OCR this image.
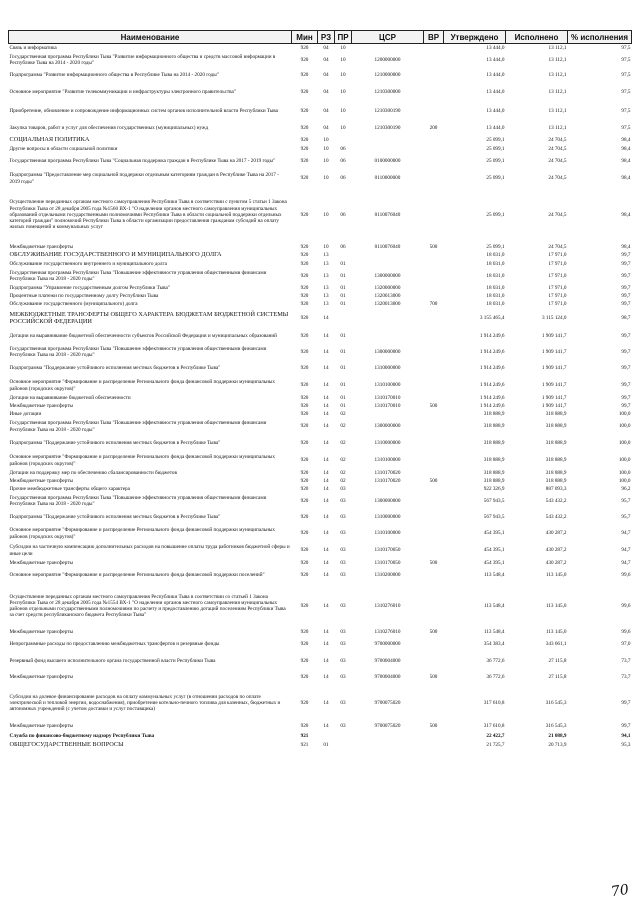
Наименование	Мин	РЗ	ПР	ЦСР	ВР	Утверждено	Исполнено	% исполнения
Связь и информатика	920	04	10			13 444,0	13 112,1	97,5
Государственная программа Республики Тыва "Развитие информационного общества и средств массовой информации в Республике Тыва на 2014 - 2020 годы"	920	04	10	1200000000		13 444,0	13 112,1	97,5
Подпрограмма "Развитие информационного общества в Республике Тыва на 2014 - 2020 годы"	920	04	10	1210000000		13 444,0	13 112,1	97,5
Основное мероприятие "Развитие телекоммуникации и инфраструктуры электронного правительства"	920	04	10	1210300000		13 444,0	13 112,1	97,5
Приобретение, обновление и сопровождение информационных систем органов исполнительной власти Республики Тыва	920	04	10	1210300190		13 444,0	13 112,1	97,5
Закупка товаров, работ и услуг для обеспечения государственных (муниципальных) нужд	920	04	10	1210300190	200	13 444,0	13 112,1	97,5
СОЦИАЛЬНАЯ ПОЛИТИКА	920	10				25 099,1	24 704,5	98,4
Другие вопросы в области социальной политики	920	10	06			25 099,1	24 704,5	98,4
Государственная программа Республики Тыва "Социальная поддержка граждан в Республике Тыва на 2017 - 2019 годы"	920	10	06	0100000000		25 099,1	24 704,5	98,4
Подпрограмма "Предоставление мер социальной поддержки отдельным категориям граждан в Республике Тыва на 2017 - 2019 годы"	920	10	06	0110000000		25 099,1	24 704,5	98,4
Осуществление переданных органам местного самоуправления Республики Тыва в соответствии с пунктом 5 статьи 1 Закона Республики Тыва от 28 декабря 2005 года №1560 ВХ-1 "О наделении органов местного самоуправления муниципальных образований отдельными государственными полномочиями Республики Тыва в области социальной поддержки отдельных категорий граждан" полномочий Республики Тыва в области организации предоставления гражданам субсидий на оплату жилых помещений и коммунальных услуг	920	10	06	0110076040		25 099,1	24 704,5	98,4
Межбюджетные трансферты	920	10	06	0110076040	500	25 099,1	24 704,5	98,4
ОБСЛУЖИВАНИЕ ГОСУДАРСТВЕННОГО И МУНИЦИПАЛЬНОГО ДОЛГА	920	13				18 031,0	17 971,0	99,7
Обслуживание государственного внутреннего и муниципального долга	920	13	01			18 031,0	17 971,0	99,7
Государственная программа Республики Тыва "Повышение эффективности управления общественными финансами Республики Тыва на 2018 - 2020 годы"	920	13	01	1300000000		18 031,0	17 971,0	99,7
Подпрограмма "Управление государственным долгом Республики Тыва"	920	13	01	1320000000		18 031,0	17 971,0	99,7
Процентные платежи по государственному долгу Республики Тыва	920	13	01	1320013000		18 031,0	17 971,0	99,7
Обслуживание государственного (муниципального) долга	920	13	01	1320013000	700	18 031,0	17 971,0	99,7
МЕЖБЮДЖЕТНЫЕ ТРАНСФЕРТЫ ОБЩЕГО ХАРАКТЕРА БЮДЖЕТАМ БЮДЖЕТНОЙ СИСТЕМЫ РОССИЙСКОЙ ФЕДЕРАЦИИ	920	14				3 155 465,4	3 115 124,0	98,7
Дотации на выравнивание бюджетной обеспеченности субъектов Российской Федерации и муниципальных образований	920	14	01			1 914 249,6	1 909 141,7	99,7
Государственная программа Республики Тыва "Повышение эффективности управления общественными финансами Республики Тыва на 2018 - 2020 годы"	920	14	01	1300000000		1 914 249,6	1 909 141,7	99,7
Подпрограмма "Поддержание устойчивого исполнения местных бюджетов в Республике Тыва"	920	14	01	1310000000		1 914 249,6	1 909 141,7	99,7
Основное мероприятие "Формирование и распределение Регионального фонда финансовой поддержки муниципальных районов (городских округов)"	920	14	01	1310100000		1 914 249,6	1 909 141,7	99,7
Дотации на выравнивание бюджетной обеспеченности	920	14	01	1310170010		1 914 249,6	1 909 141,7	99,7
Межбюджетные трансферты	920	14	01	1310170010	500	1 914 249,6	1 909 141,7	99,7
Иные дотации	920	14	02			318 888,9	318 888,9	100,0
Государственная программа Республики Тыва "Повышение эффективности управления общественными финансами Республики Тыва на 2018 - 2020 годы"	920	14	02	1300000000		318 888,9	318 888,9	100,0
Подпрограмма "Поддержание устойчивого исполнения местных бюджетов в Республике Тыва"	920	14	02	1310000000		318 888,9	318 888,9	100,0
Основное мероприятие "Формирование и распределение Регионального фонда финансовой поддержки муниципальных районов (городских округов)"	920	14	02	1310100000		318 888,9	318 888,9	100,0
Дотации на поддержку мер по обеспечению сбалансированности бюджетов	920	14	02	1310170020		318 888,9	318 888,9	100,0
Межбюджетные трансферты	920	14	02	1310170020	500	318 888,9	318 888,9	100,0
Прочие межбюджетные трансферты общего характера	920	14	03			922 326,9	887 093,3	96,2
Государственная программа Республики Тыва "Повышение эффективности управления общественными финансами Республики Тыва на 2018 - 2020 годы"	920	14	03	1300000000		567 943,5	543 432,2	95,7
Подпрограмма "Поддержание устойчивого исполнения местных бюджетов в Республике Тыва"	920	14	03	1310000000		567 943,5	543 432,2	95,7
Основное мероприятие "Формирование и распределение Регионального фонда финансовой поддержки муниципальных районов (городских округов)"	920	14	03	1310100000		454 395,1	430 287,2	94,7
Субсидии на частичную компенсацию дополнительных расходов на повышение оплаты труда работников бюджетной сферы и иные цели	920	14	03	1310170050		454 395,1	430 287,2	94,7
Межбюджетные трансферты	920	14	03	1310170050	500	454 395,1	430 287,2	94,7
Основное мероприятие "Формирование и распределение Регионального фонда финансовой поддержки поселений"	920	14	03	1310200000		113 548,4	113 145,0	99,6
Осуществление переданных органам местного самоуправления Республики Тыва в соответствии со статьей 1 Закона Республики Тыва от 28 декабря 2005 года №1554 ВХ-1 "О наделении органов местного самоуправления муниципальных районов отдельными государственными полномочиями по расчету и предоставлению дотаций поселениям Республики Тыва за счет средств республиканского бюджета Республики Тыва"	920	14	03	1310276010		113 548,4	113 145,0	99,6
Межбюджетные трансферты	920	14	03	1310276010	500	113 548,4	113 145,0	99,6
Непрограммные расходы по предоставлению межбюджетных трансфертов и резервные фонды	920	14	03	9700000000		354 383,4	343 661,1	97,0
Резервный фонд высшего исполнительного органа государственной власти Республики Тыва	920	14	03	9700004000		36 772,6	27 115,8	73,7
Межбюджетные трансферты	920	14	03	9700004000	500	36 772,6	27 115,8	73,7
Субсидии на долевое финансирование расходов на оплату коммунальных услуг (в отношении расходов по оплате электрической и тепловой энергии, водоснабжения), приобретение котельно-печного топлива для казенных, бюджетных и автономных учреждений (с учетом доставки и услуг поставщика)	920	14	03	9700075020		317 610,8	316 545,3	99,7
Межбюджетные трансферты	920	14	03	9700075020	500	317 610,8	316 545,3	99,7
Служба по финансово-бюджетному надзору Республики Тыва	921					22 422,7	21 088,9	94,1
ОБЩЕГОСУДАРСТВЕННЫЕ ВОПРОСЫ	921	01				21 725,7	20 713,9	95,3
70
